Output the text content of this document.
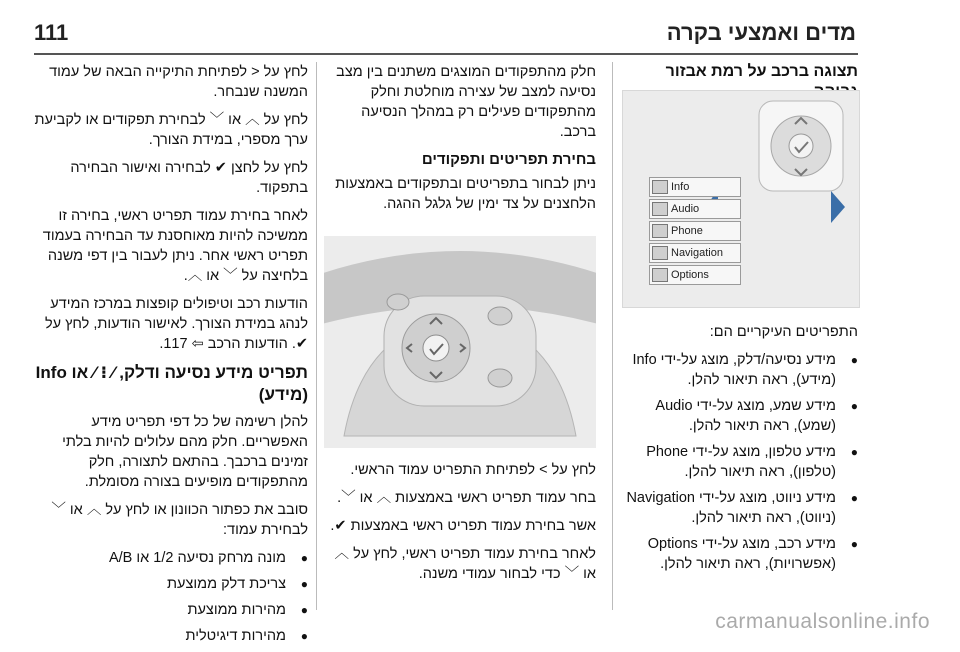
111	מדים ואמצעי בקרה
תצוגה ברכב על רמת אבזור
Info
Audio
Phone
Navigation
Options

התפריטים העיקריים הם:

● מידע נסיעה/דלק, מוצג על-ידי Info (מידע), ראה תיאור להלן.
● מידע שמע, מוצג על-ידי Audio (שמע), ראה תיאור להלן.
● מידע טלפון, מוצג על-ידי Phone (טלפון), ראה תיאור להלן.
● מידע ניווט, מוצג על-ידי Navigation (ניווט), ראה תיאור להלן.
● מידע רכב, מוצג על-ידי Options (אפשרויות), ראה תיאור להלן.

חלק מהתפקודים המוצגים משתנים בין מצב נסיעה למצב של עצירה מוחלטת וחלק מהתפקודים פעילים רק במהלך הנסיעה ברכב.

בחירת תפריטים ותפקודים

ניתן לבחור בתפריטים ובתפקודים באמצעות הלחצנים על צד ימין של גלגל ההגה.

לחץ על > לפתיחת התפריט עמוד הראשי.

בחר עמוד תפריט ראשי באמצעות ︿ או ﹀.

אשר בחירת עמוד תפריט ראשי באמצעות ✔.

לאחר בחירת עמוד תפריט ראשי, לחץ על ︿ או ﹀ כדי לבחור עמודי משנה.

לחץ על < לפתיחת התיקייה הבאה של עמוד המשנה שנבחר.

לחץ על ︿ או ﹀ לבחירת תפקודים או לקביעת ערך מספרי, במידת הצורך.

לחץ על לחצן ✔ לבחירה ואישור הבחירה בתפקוד.

לאחר בחירת עמוד תפריט ראשי, בחירה זו ממשיכה להיות מאוחסנת עד הבחירה בעמוד תפריט ראשי אחר. ניתן לעבור בין דפי משנה בלחיצה על ﹀ או ︿.

הודעות רכב וטיפולים קופצות במרכז המידע לנהג במידת הצורך. לאישור הודעות, לחץ על ✔. הודעות הרכב ⇦ 117.

תפריט מידע נסיעה ודלק, ⁄ ⁝ ⁄ או Info (מידע)

להלן רשימה של כל דפי תפריט מידע האפשריים. חלק מהם עלולים להיות בלתי זמינים ברכבך. בהתאם לתצורה, חלק מהתפקודים מופיעים בצורה מסומלת.

סובב את כפתור הכוונון או לחץ על ︿ או ﹀ לבחירת עמוד:

● מונה מרחק נסיעה 1/2 או A/B
● צריכת דלק ממוצעת
● מהירות ממוצעת
● מהירות דיגיטלית
carmanualsonline.info
